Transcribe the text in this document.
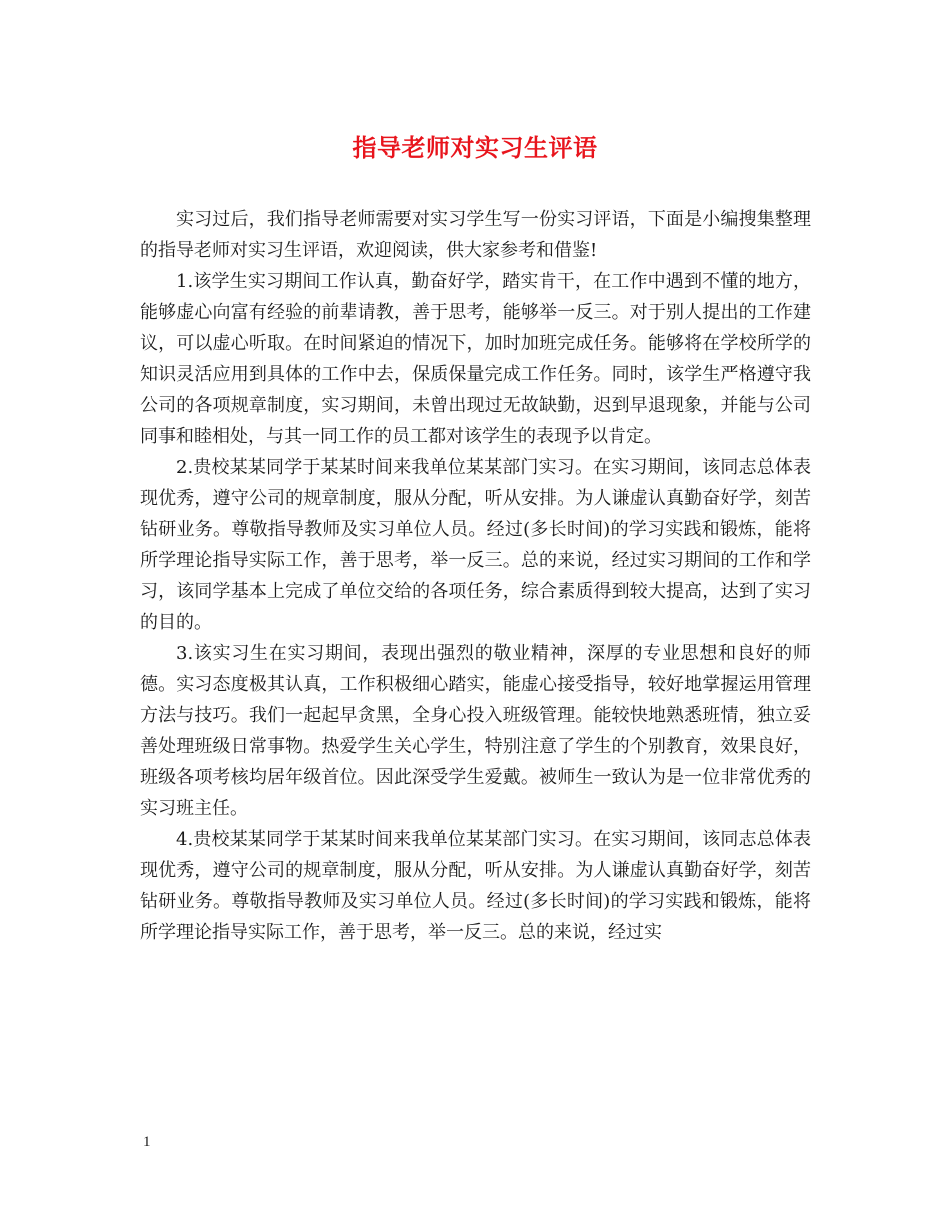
指导老师对实习生评语

实习过后，我们指导老师需要对实习学生写一份实习评语，下面是小编搜集整理的指导老师对实习生评语，欢迎阅读，供大家参考和借鉴!

1.该学生实习期间工作认真，勤奋好学，踏实肯干，在工作中遇到不懂的地方，能够虚心向富有经验的前辈请教，善于思考，能够举一反三。对于别人提出的工作建议，可以虚心听取。在时间紧迫的情况下，加时加班完成任务。能够将在学校所学的知识灵活应用到具体的工作中去，保质保量完成工作任务。同时，该学生严格遵守我公司的各项规章制度，实习期间，未曾出现过无故缺勤，迟到早退现象，并能与公司同事和睦相处，与其一同工作的员工都对该学生的表现予以肯定。

2.贵校某某同学于某某时间来我单位某某部门实习。在实习期间，该同志总体表现优秀，遵守公司的规章制度，服从分配，听从安排。为人谦虚认真勤奋好学，刻苦钻研业务。尊敬指导教师及实习单位人员。经过(多长时间)的学习实践和锻炼，能将所学理论指导实际工作，善于思考，举一反三。总的来说，经过实习期间的工作和学习，该同学基本上完成了单位交给的各项任务，综合素质得到较大提高，达到了实习的目的。

3.该实习生在实习期间，表现出强烈的敬业精神，深厚的专业思想和良好的师德。实习态度极其认真，工作积极细心踏实，能虚心接受指导，较好地掌握运用管理方法与技巧。我们一起起早贪黑，全身心投入班级管理。能较快地熟悉班情，独立妥善处理班级日常事物。热爱学生关心学生，特别注意了学生的个别教育，效果良好，班级各项考核均居年级首位。因此深受学生爱戴。被师生一致认为是一位非常优秀的实习班主任。

4.贵校某某同学于某某时间来我单位某某部门实习。在实习期间，该同志总体表现优秀，遵守公司的规章制度，服从分配，听从安排。为人谦虚认真勤奋好学，刻苦钻研业务。尊敬指导教师及实习单位人员。经过(多长时间)的学习实践和锻炼，能将所学理论指导实际工作，善于思考，举一反三。总的来说，经过实

1
